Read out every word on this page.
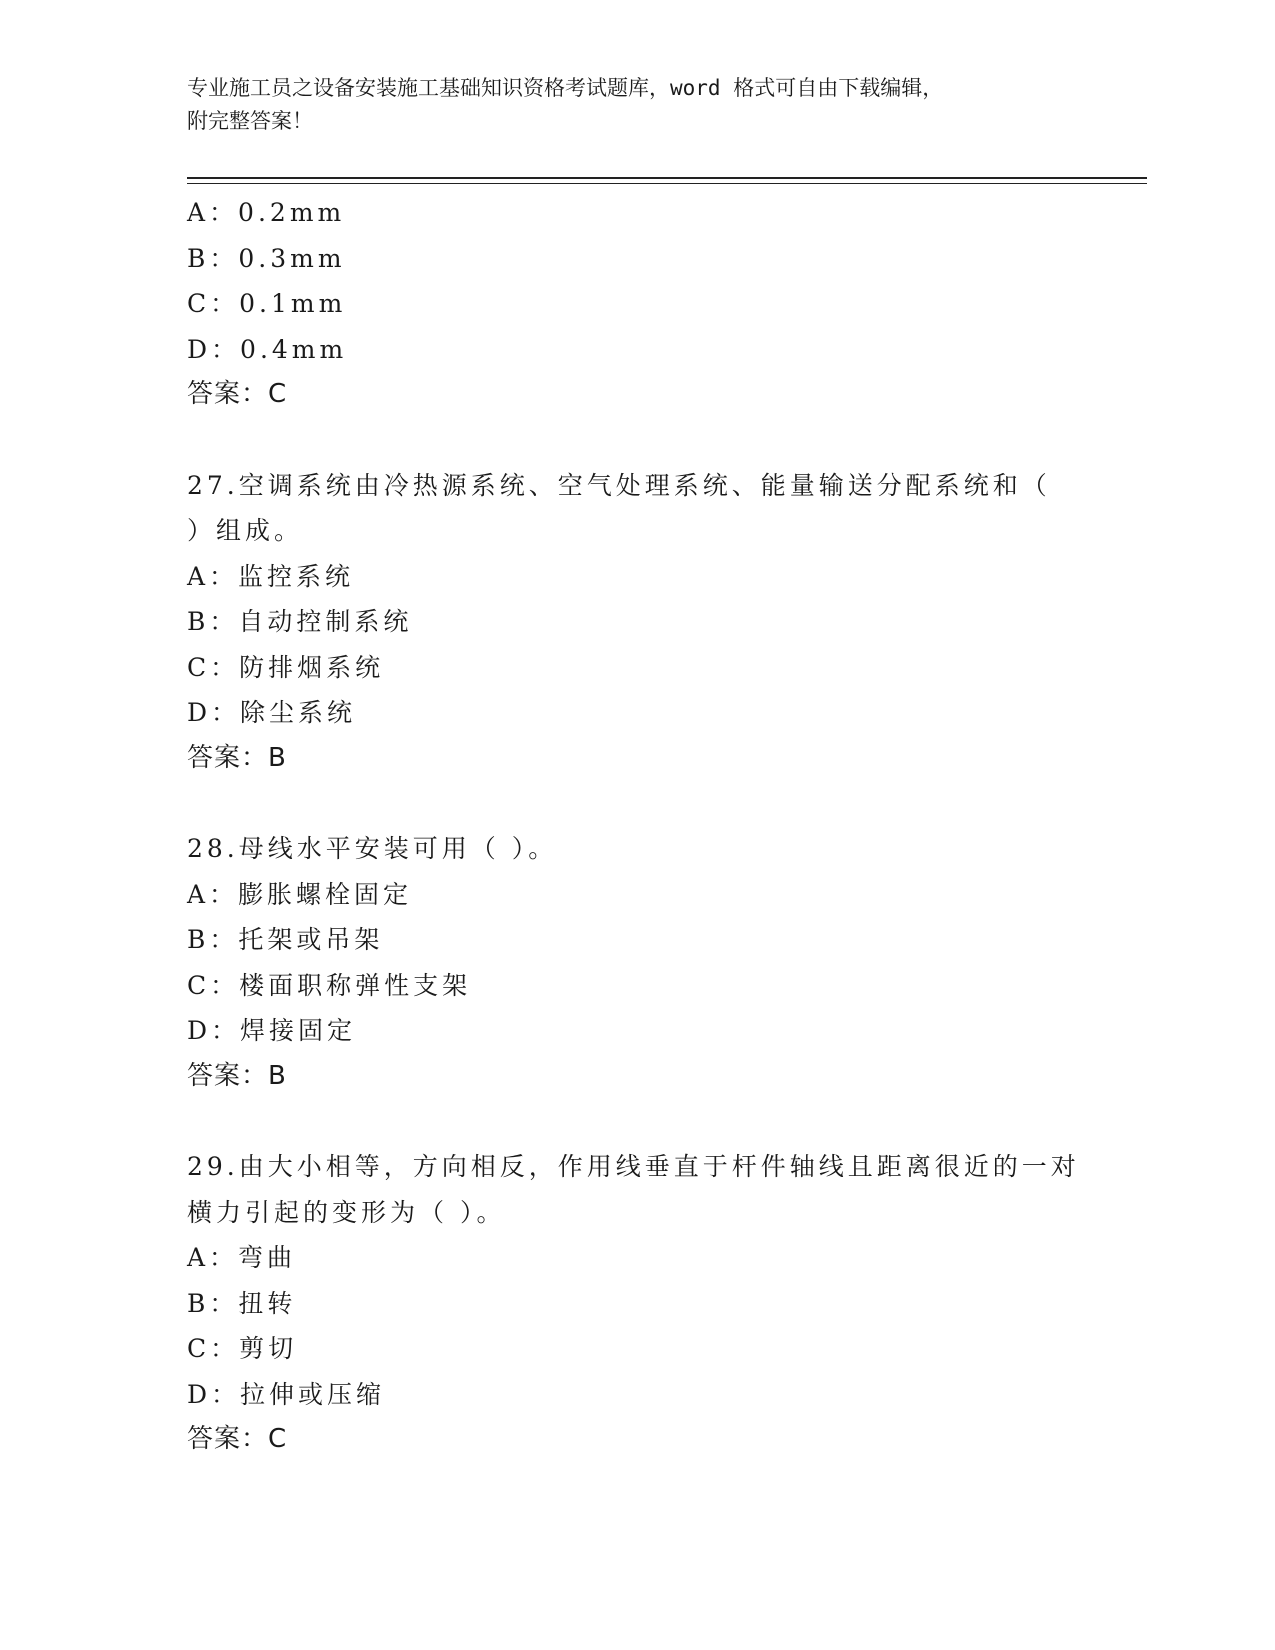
专业施工员之设备安装施工基础知识资格考试题库，word 格式可自由下载编辑，
附完整答案！
A：0.2mm
B：0.3mm
C：0.1mm
D：0.4mm
答案：C
27.空调系统由冷热源系统、空气处理系统、能量输送分配系统和（
）组成。
A：监控系统
B：自动控制系统
C：防排烟系统
D：除尘系统
答案：B
28.母线水平安装可用（ ）。
A：膨胀螺栓固定
B：托架或吊架
C：楼面职称弹性支架
D：焊接固定
答案：B
29.由大小相等，方向相反，作用线垂直于杆件轴线且距离很近的一对
横力引起的变形为（ ）。
A：弯曲
B：扭转
C：剪切
D：拉伸或压缩
答案：C
